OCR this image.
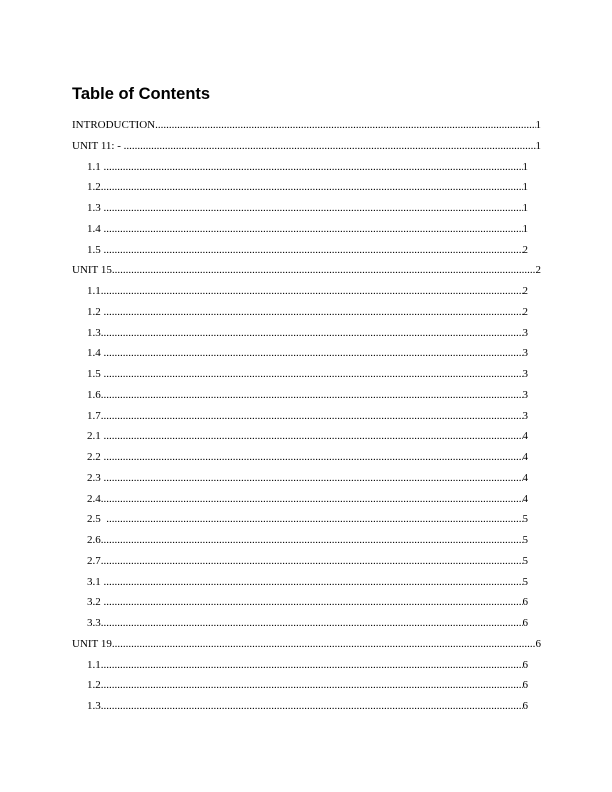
Table of Contents
INTRODUCTION .....	1
UNIT 11: - .....	1
1.1 .....	1
1.2 .....	1
1.3 .....	1
1.4 .....	1
1.5 .....	2
UNIT 15 .....	2
1.1 .....	2
1.2 .....	2
1.3 .....	3
1.4 .....	3
1.5 .....	3
1.6 .....	3
1.7 .....	3
2.1 .....	4
2.2 .....	4
2.3 .....	4
2.4 .....	4
2.5 .....	5
2.6 .....	5
2.7 .....	5
3.1 .....	5
3.2 .....	6
3.3 .....	6
UNIT 19 .....	6
1.1 .....	6
1.2 .....	6
1.3 .....	6
